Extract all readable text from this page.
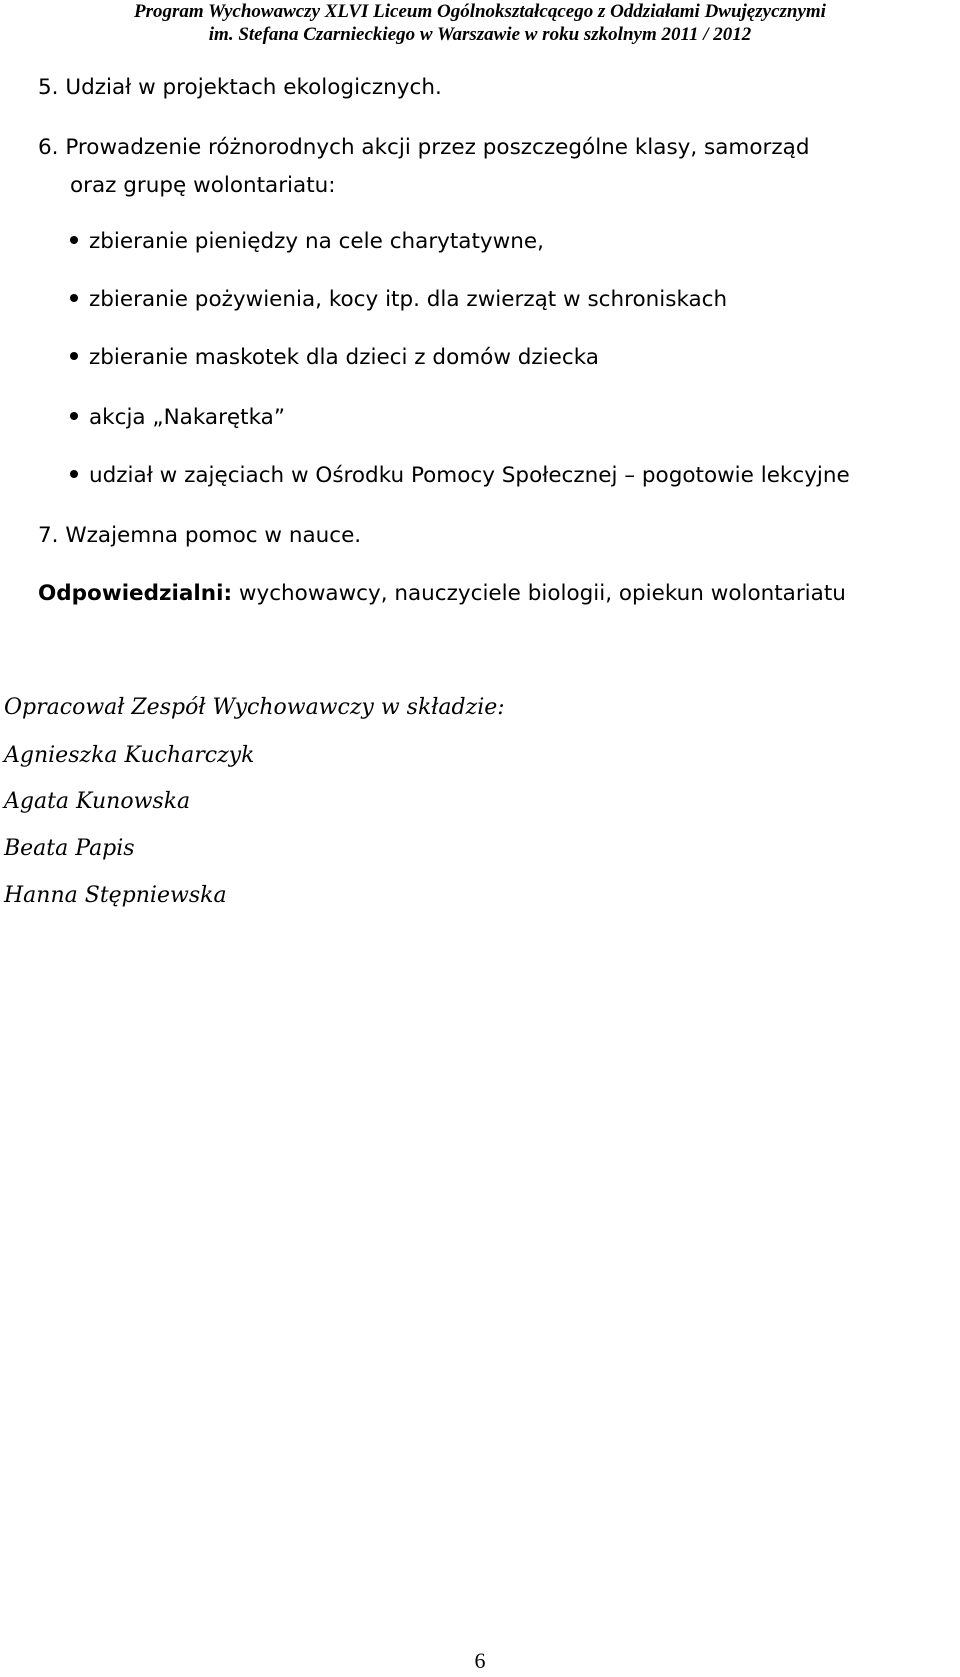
Program Wychowawczy XLVI Liceum Ogólnokształcącego z Oddziałami Dwujęzycznymi
im. Stefana Czarnieckiego w Warszawie w roku szkolnym 2011 / 2012
5. Udział w projektach ekologicznych.
6. Prowadzenie różnorodnych akcji przez poszczególne klasy, samorząd
oraz grupę wolontariatu:
zbieranie pieniędzy na cele charytatywne,
zbieranie pożywienia, kocy itp. dla zwierząt w schroniskach
zbieranie maskotek dla dzieci z domów dziecka
akcja „Nakarętka”
udział w zajęciach w Ośrodku Pomocy Społecznej – pogotowie lekcyjne
7. Wzajemna pomoc w nauce.
Odpowiedzialni: wychowawcy, nauczyciele biologii, opiekun wolontariatu
Opracował Zespół Wychowawczy w składzie:
Agnieszka Kucharczyk
Agata Kunowska
Beata Papis
Hanna Stępniewska
6
